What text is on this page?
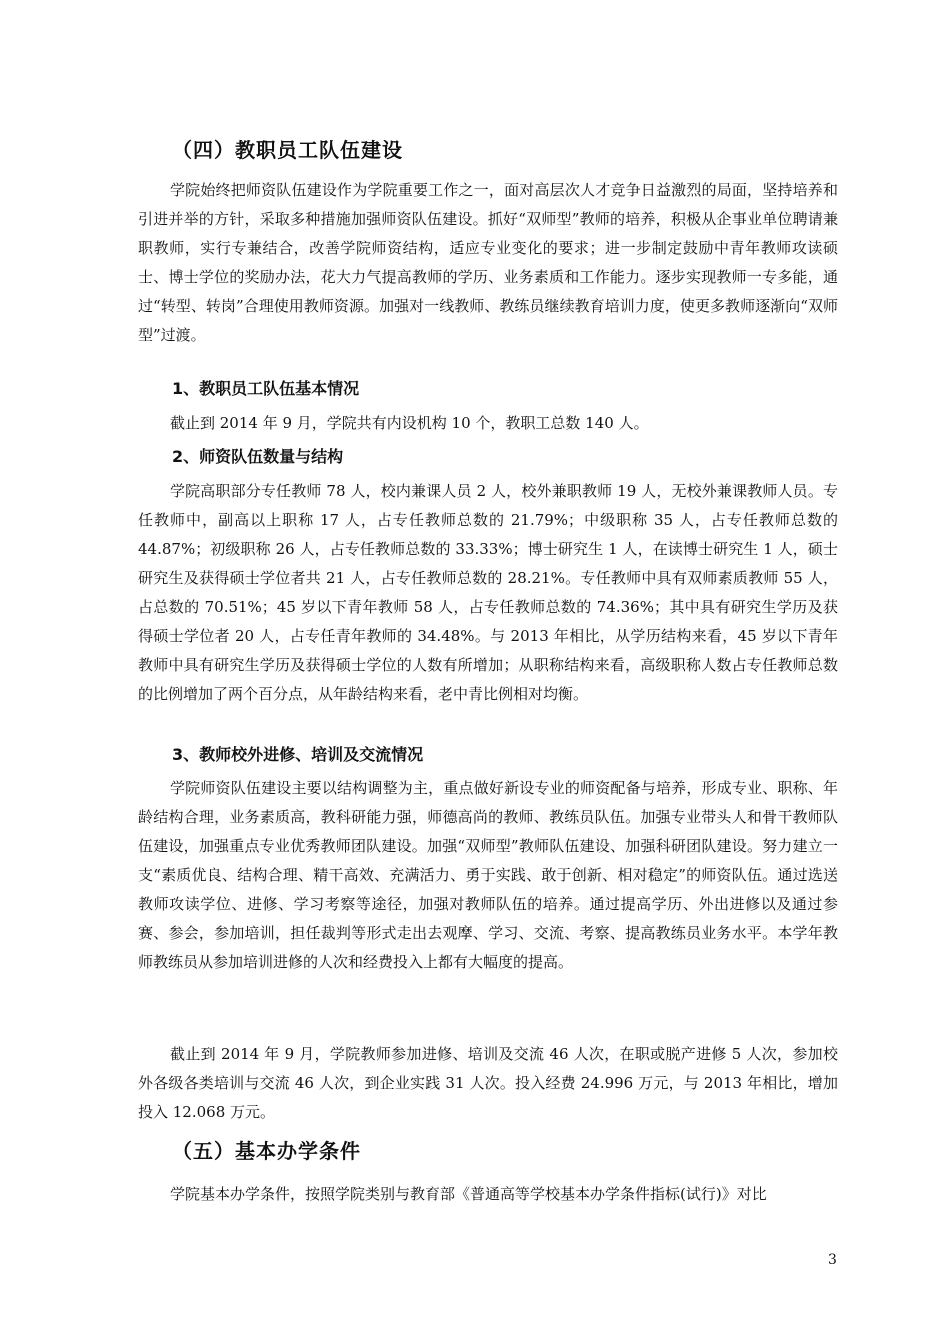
（四）教职员工队伍建设

学院始终把师资队伍建设作为学院重要工作之一，面对高层次人才竞争日益激烈的局面，坚持培养和引进并举的方针，采取多种措施加强师资队伍建设。抓好“双师型”教师的培养，积极从企事业单位聘请兼职教师，实行专兼结合，改善学院师资结构，适应专业变化的要求；进一步制定鼓励中青年教师攻读硕士、博士学位的奖励办法，花大力气提高教师的学历、业务素质和工作能力。逐步实现教师一专多能，通过“转型、转岗”合理使用教师资源。加强对一线教师、教练员继续教育培训力度，使更多教师逐渐向“双师型”过渡。

1、教职员工队伍基本情况

截止到 2014 年 9 月，学院共有内设机构 10 个，教职工总数 140 人。

2、师资队伍数量与结构

学院高职部分专任教师 78 人，校内兼课人员 2 人，校外兼职教师 19 人，无校外兼课教师人员。专任教师中，副高以上职称 17 人，占专任教师总数的 21.79%；中级职称 35 人，占专任教师总数的 44.87%；初级职称 26 人，占专任教师总数的 33.33%；博士研究生 1 人，在读博士研究生 1 人，硕士研究生及获得硕士学位者共 21 人，占专任教师总数的 28.21%。专任教师中具有双师素质教师 55 人，占总数的 70.51%；45 岁以下青年教师 58 人，占专任教师总数的 74.36%；其中具有研究生学历及获得硕士学位者 20 人，占专任青年教师的 34.48%。与 2013 年相比，从学历结构来看，45 岁以下青年教师中具有研究生学历及获得硕士学位的人数有所增加；从职称结构来看，高级职称人数占专任教师总数的比例增加了两个百分点，从年龄结构来看，老中青比例相对均衡。

3、教师校外进修、培训及交流情况

学院师资队伍建设主要以结构调整为主，重点做好新设专业的师资配备与培养，形成专业、职称、年龄结构合理，业务素质高，教科研能力强，师德高尚的教师、教练员队伍。加强专业带头人和骨干教师队伍建设，加强重点专业优秀教师团队建设。加强“双师型”教师队伍建设、加强科研团队建设。努力建立一支“素质优良、结构合理、精干高效、充满活力、勇于实践、敢于创新、相对稳定”的师资队伍。通过选送教师攻读学位、进修、学习考察等途径，加强对教师队伍的培养。通过提高学历、外出进修以及通过参赛、参会，参加培训，担任裁判等形式走出去观摩、学习、交流、考察、提高教练员业务水平。本学年教师教练员从参加培训进修的人次和经费投入上都有大幅度的提高。

截止到 2014 年 9 月，学院教师参加进修、培训及交流 46 人次，在职或脱产进修 5 人次，参加校外各级各类培训与交流 46 人次，到企业实践 31 人次。投入经费 24.996 万元，与 2013 年相比，增加投入 12.068 万元。

（五）基本办学条件

学院基本办学条件，按照学院类别与教育部《普通高等学校基本办学条件指标(试行)》对比

3
